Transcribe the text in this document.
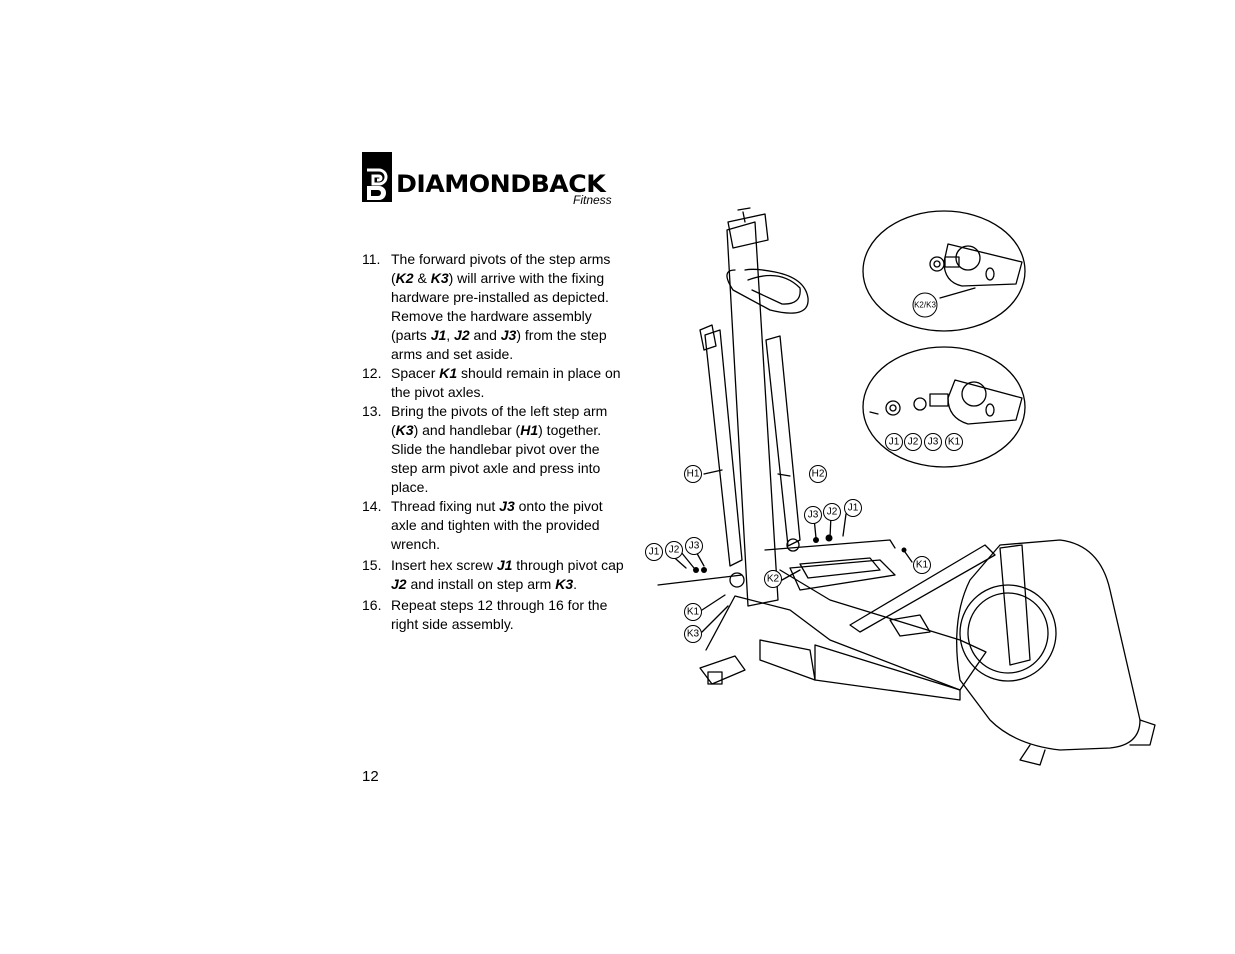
DIAMONDBACK
Fitness
11. The forward pivots of the step arms (K2 & K3) will arrive with the fixing hardware pre-installed as depicted. Remove the hardware assembly (parts J1, J2 and J3) from the step arms and set aside.
12. Spacer K1 should remain in place on the pivot axles.
13. Bring the pivots of the left step arm (K3) and handlebar (H1) together. Slide the handlebar pivot over the step arm pivot axle and press into place.
14. Thread fixing nut J3 onto the pivot axle and tighten with the provided wrench.
15. Insert hex screw J1 through pivot cap J2 and install on step arm K3.
16. Repeat steps 12 through 16 for the right side assembly.
12
K2/K3
J1 J2 J3 K1
H1	H2
J3 J2 J1
J1 J2 J3
K1
K2
K1
K3
